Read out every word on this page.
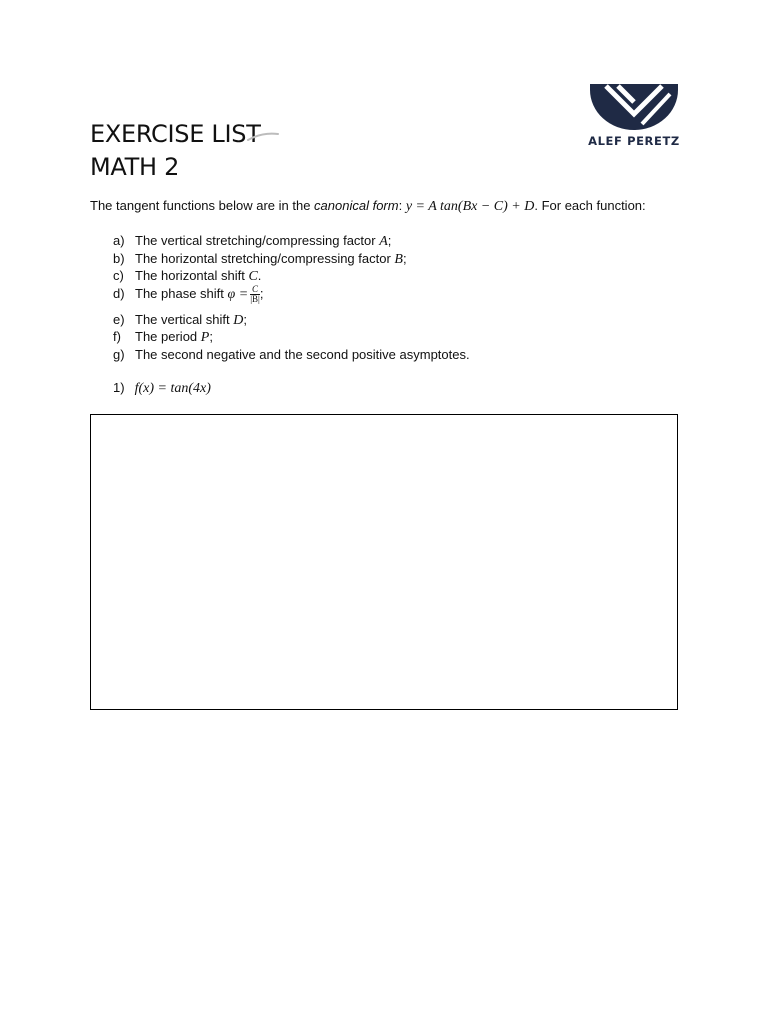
ALEF PERETZ
EXERCISE LIST
MATH 2
The tangent functions below are in the canonical form: y = A tan(Bx − C) + D. For each function:
a) The vertical stretching/compressing factor A;
b) The horizontal stretching/compressing factor B;
c) The horizontal shift C.
d) The phase shift $\varphi = \frac{C}{|B|}$ ;
e) The vertical shift D;
f)	The period P;
g) The second negative and the second positive asymptotes.
1) f(x) = tan(4x)
